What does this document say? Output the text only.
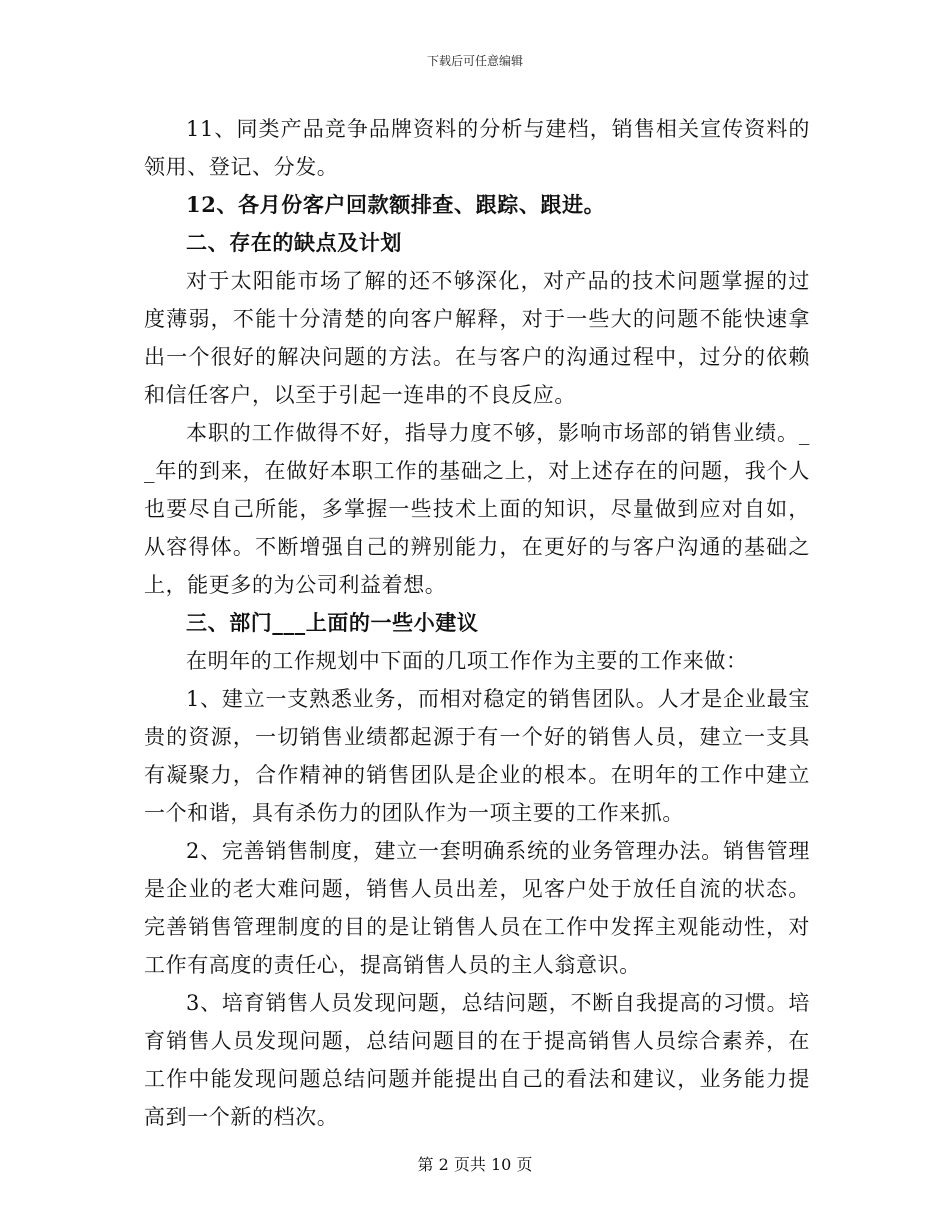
下载后可任意编辑

11、同类产品竞争品牌资料的分析与建档，销售相关宣传资料的领用、登记、分发。

12、各月份客户回款额排查、跟踪、跟进。

二、存在的缺点及计划

对于太阳能市场了解的还不够深化，对产品的技术问题掌握的过度薄弱，不能十分清楚的向客户解释，对于一些大的问题不能快速拿出一个很好的解决问题的方法。在与客户的沟通过程中，过分的依赖和信任客户，以至于引起一连串的不良反应。

本职的工作做得不好，指导力度不够，影响市场部的销售业绩。__年的到来，在做好本职工作的基础之上，对上述存在的问题，我个人也要尽自己所能，多掌握一些技术上面的知识，尽量做到应对自如，从容得体。不断增强自己的辨别能力，在更好的与客户沟通的基础之上，能更多的为公司利益着想。

三、部门___上面的一些小建议

在明年的工作规划中下面的几项工作作为主要的工作来做：

1、建立一支熟悉业务，而相对稳定的销售团队。人才是企业最宝贵的资源，一切销售业绩都起源于有一个好的销售人员，建立一支具有凝聚力，合作精神的销售团队是企业的根本。在明年的工作中建立一个和谐，具有杀伤力的团队作为一项主要的工作来抓。

2、完善销售制度，建立一套明确系统的业务管理办法。销售管理是企业的老大难问题，销售人员出差，见客户处于放任自流的状态。完善销售管理制度的目的是让销售人员在工作中发挥主观能动性，对工作有高度的责任心，提高销售人员的主人翁意识。

3、培育销售人员发现问题，总结问题，不断自我提高的习惯。培育销售人员发现问题，总结问题目的在于提高销售人员综合素养，在工作中能发现问题总结问题并能提出自己的看法和建议，业务能力提高到一个新的档次。

第 2 页共 10 页
